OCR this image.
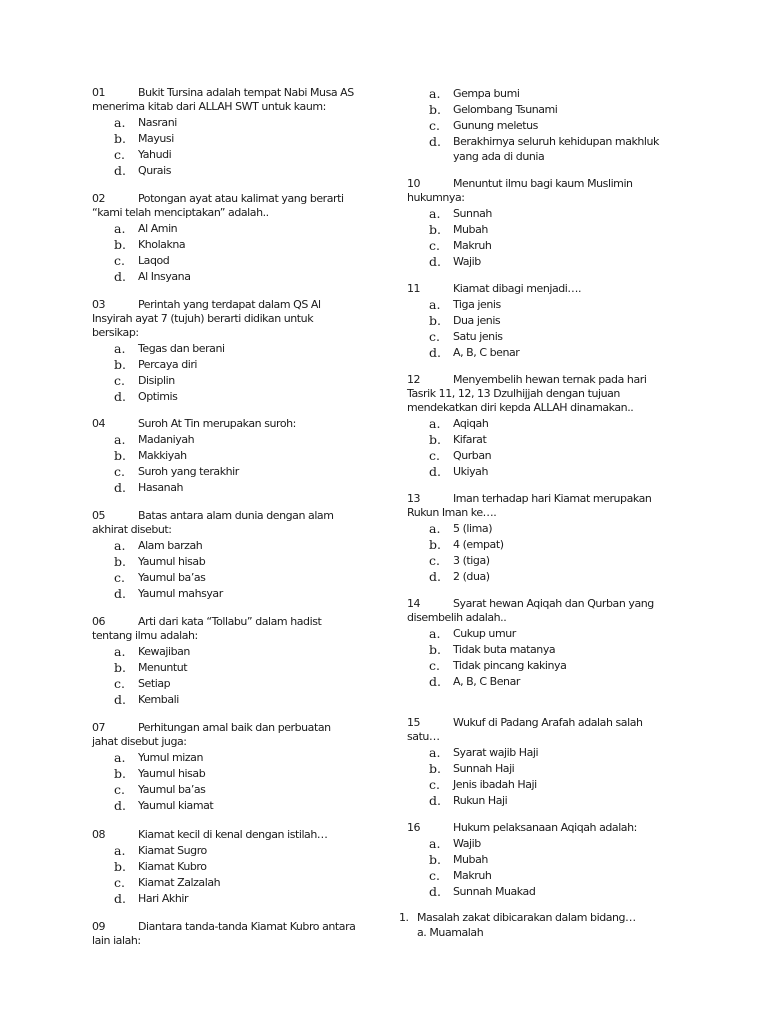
01	Bukit Tursina adalah tempat Nabi Musa AS
menerima kitab dari ALLAH SWT untuk kaum:
a. Nasrani
b. Mayusi
c. Yahudi
d. Qurais
02	Potongan ayat atau kalimat yang berarti
“kami telah menciptakan” adalah..
a. Al Amin
b. Kholakna
c. Laqod
d. Al Insyana
03	Perintah yang terdapat dalam QS Al
Insyirah ayat 7 (tujuh) berarti didikan untuk
bersikap:
a. Tegas dan berani
b. Percaya diri
c. Disiplin
d. Optimis
04	Suroh At Tin merupakan suroh:
a. Madaniyah
b. Makkiyah
c. Suroh yang terakhir
d. Hasanah
05	Batas antara alam dunia dengan alam
akhirat disebut:
a. Alam barzah
b. Yaumul hisab
c. Yaumul ba’as
d. Yaumul mahsyar
06	Arti dari kata “Tollabu” dalam hadist
tentang ilmu adalah:
a. Kewajiban
b. Menuntut
c. Setiap
d. Kembali
07	Perhitungan amal baik dan perbuatan
jahat disebut juga:
a. Yumul mizan
b. Yaumul hisab
c. Yaumul ba’as
d. Yaumul kiamat
08	Kiamat kecil di kenal dengan istilah…
a. Kiamat Sugro
b. Kiamat Kubro
c. Kiamat Zalzalah
d. Hari Akhir
09	Diantara tanda-tanda Kiamat Kubro antara
lain ialah:
a. Gempa bumi
b. Gelombang Tsunami
c. Gunung meletus
d. Berakhirnya seluruh kehidupan makhluk
yang ada di dunia
10	Menuntut ilmu bagi kaum Muslimin
hukumnya:
a. Sunnah
b. Mubah
c. Makruh
d. Wajib
11	Kiamat dibagi menjadi….
a. Tiga jenis
b. Dua jenis
c. Satu jenis
d. A, B, C benar
12	Menyembelih hewan ternak pada hari
Tasrik 11, 12, 13 Dzulhijjah dengan tujuan
mendekatkan diri kepda ALLAH dinamakan..
a. Aqiqah
b. Kifarat
c. Qurban
d. Ukiyah
13	Iman terhadap hari Kiamat merupakan
Rukun Iman ke….
a. 5 (lima)
b. 4 (empat)
c. 3 (tiga)
d. 2 (dua)
14	Syarat hewan Aqiqah dan Qurban yang
disembelih adalah..
a. Cukup umur
b. Tidak buta matanya
c. Tidak pincang kakinya
d. A, B, C Benar
15	Wukuf di Padang Arafah adalah salah
satu…
a. Syarat wajib Haji
b. Sunnah Haji
c. Jenis ibadah Haji
d. Rukun Haji
16	Hukum pelaksanaan Aqiqah adalah:
a. Wajib
b. Mubah
c. Makruh
d. Sunnah Muakad
1. Masalah zakat dibicarakan dalam bidang…
a. Muamalah
